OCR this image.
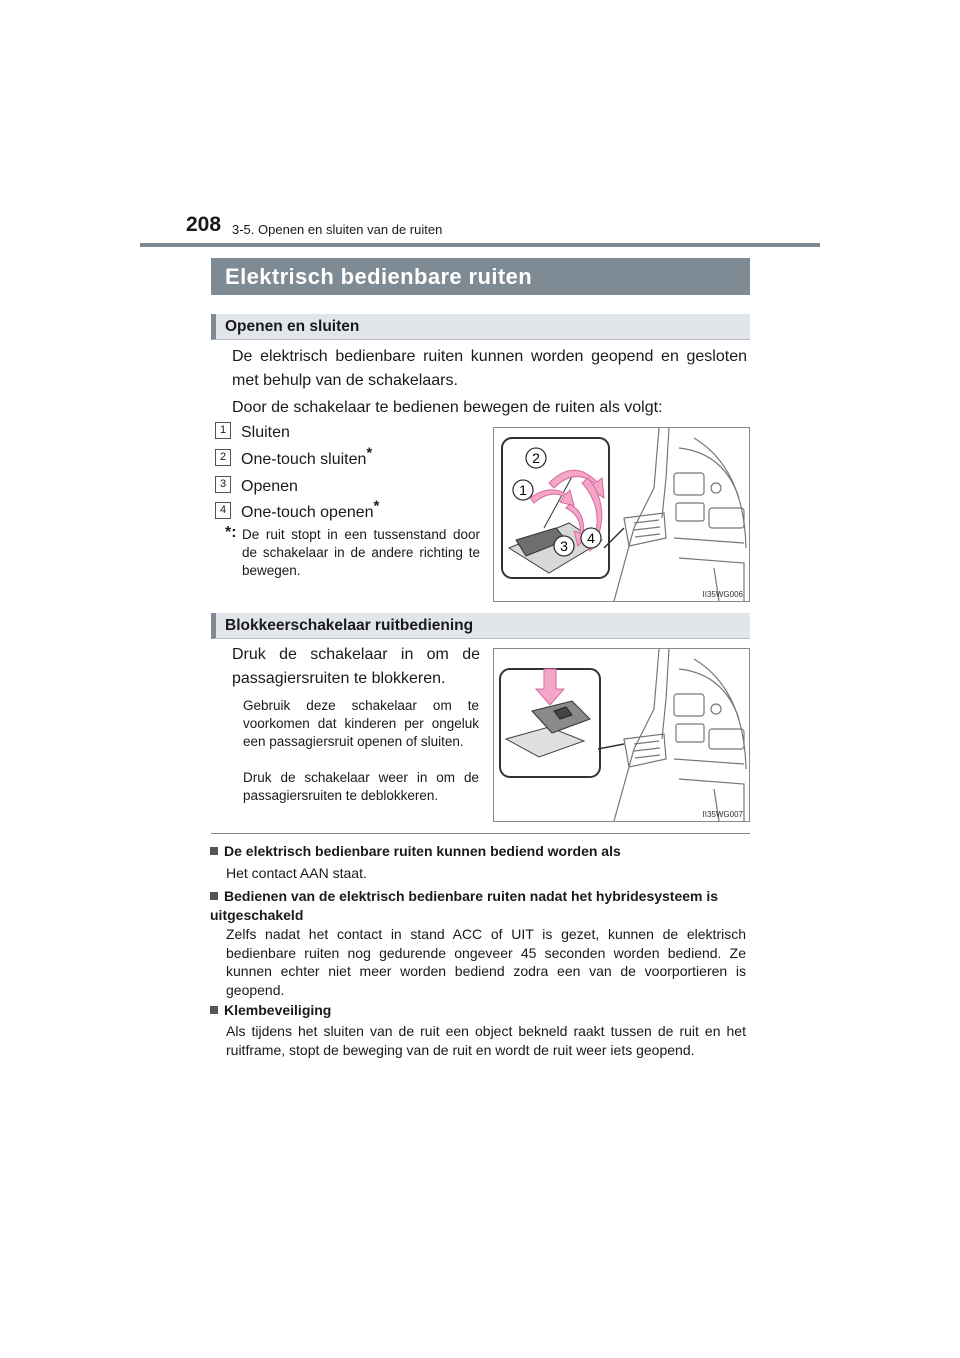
208 3-5. Openen en sluiten van de ruiten
Elektrisch bedienbare ruiten
Openen en sluiten
De elektrisch bedienbare ruiten kunnen worden geopend en gesloten met behulp van de schakelaars.
Door de schakelaar te bedienen bewegen de ruiten als volgt:
1 Sluiten
2 One-touch sluiten*
3 Openen
4 One-touch openen*
*: De ruit stopt in een tussenstand door de schakelaar in de andere richting te bewegen.
2
1
3 4
II35WG006
Blokkeerschakelaar ruitbediening
Druk de schakelaar in om de passagiersruiten te blokkeren.
Gebruik deze schakelaar om te voorkomen dat kinderen per ongeluk een passagiersruit openen of sluiten.
Druk de schakelaar weer in om de passagiersruiten te deblokkeren.
II35WG007
De elektrisch bedienbare ruiten kunnen bediend worden als
Het contact AAN staat.
Bedienen van de elektrisch bedienbare ruiten nadat het hybridesysteem is uitgeschakeld
Zelfs nadat het contact in stand ACC of UIT is gezet, kunnen de elektrisch bedienbare ruiten nog gedurende ongeveer 45 seconden worden bediend. Ze kunnen echter niet meer worden bediend zodra een van de voorportieren is geopend.
Klembeveiliging
Als tijdens het sluiten van de ruit een object bekneld raakt tussen de ruit en het ruitframe, stopt de beweging van de ruit en wordt de ruit weer iets geopend.
